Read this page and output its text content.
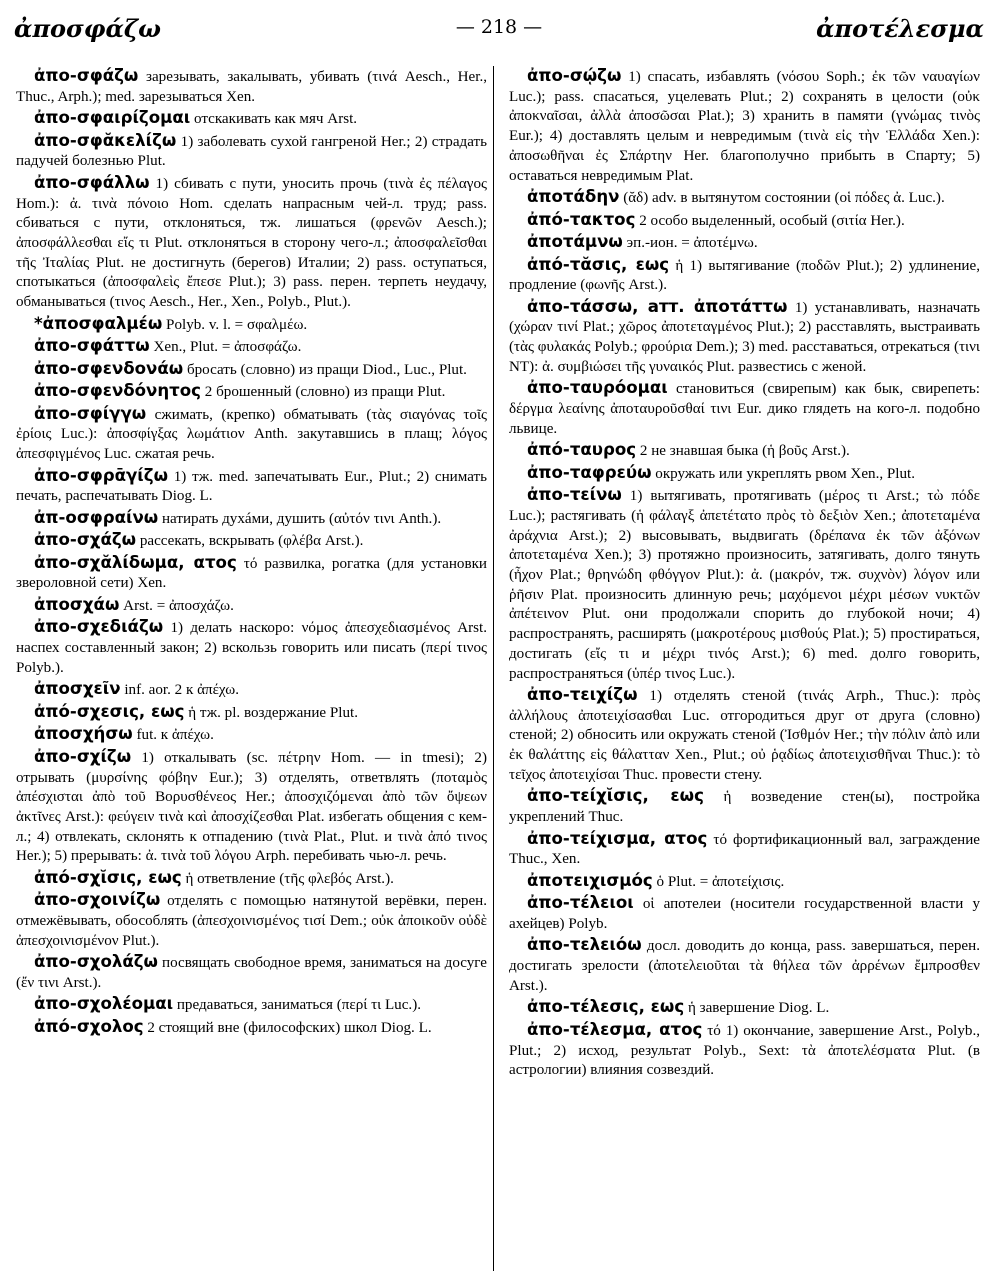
ἀποσφάζω	— 218 —	ἀποτέλεσμα

ἀπο-σφάζω зарезывать, закалывать, убивать (τινά Aesch., Her., Thuc., Arph.); med. зарезываться Xen.

ἀπο-σφαιρίζομαι отскакивать как мяч Arst.

ἀπο-σφᾰκελίζω 1) заболевать сухой гангреной Her.; 2) страдать падучей болезнью Plut.

ἀπο-σφάλλω 1) сбивать с пути, уносить прочь (τινὰ ἐς πέλαγος Hom.): ἀ. τινὰ πόνοιο Hom. сделать напрасным чей-л. труд; pass. сбиваться с пути, отклоняться, тж. лишаться (φρενῶν Aesch.); ἀποσφάλλεσθαι εἴς τι Plut. отклоняться в сторону чего-л.; ἀποσφαλεῖσθαι τῆς Ἰταλίας Plut. не достигнуть (берегов) Италии; 2) pass. оступаться, спотыкаться (ἀποσφαλεὶς ἔπεσε Plut.); 3) pass. перен. терпеть неудачу, обманываться (τινος Aesch., Her., Xen., Polyb., Plut.).

*ἀποσφαλμέω Polyb. v. l. = σφαλμέω.

ἀπο-σφάττω Xen., Plut. = ἀποσφάζω.

ἀπο-σφενδονάω бросать (словно) из пращи Diod., Luc., Plut.

ἀπο-σφενδόνητος 2 брошенный (словно) из пращи Plut.

ἀπο-σφίγγω сжимать, (крепко) обматывать (τὰς σιαγόνας τοῖς ἐρίοις Luc.): ἀποσφίγξας λωμάτιον Anth. закутавшись в плащ; λόγος ἀπεσφιγμένος Luc. сжатая речь.

ἀπο-σφρᾱγίζω 1) тж. med. запечатывать Eur., Plut.; 2) снимать печать, распечатывать Diog. L.

ἀπ-οσφραίνω натирать духáми, душить (αὐτόν τινι Anth.).

ἀπο-σχάζω рассекать, вскрывать (φλέβα Arst.).

ἀπο-σχᾰλίδωμα, ατος τό развилка, рогатка (для установки звероловной сети) Xen.

ἀποσχάω Arst. = ἀποσχάζω.

ἀπο-σχεδιάζω 1) делать наскоро: νόμος ἀπεσχεδιασμένος Arst. наспех составленный закон; 2) вскользь говорить или писать (περί τινος Polyb.).

ἀποσχεῖν inf. aor. 2 к ἀπέχω.

ἀπό-σχεσις, εως ἡ тж. pl. воздержание Plut.

ἀποσχήσω fut. к ἀπέχω.

ἀπο-σχίζω 1) откалывать (sc. πέτρην Hom. — in tmesi); 2) отрывать (μυρσίνης φόβην Eur.); 3) отделять, ответвлять (ποταμὸς ἀπέσχισται ἀπὸ τοῦ Βορυσθένεος Her.; ἀποσχιζόμεναι ἀπὸ τῶν ὄψεων ἀκτῖνες Arst.): φεύγειν τινὰ καὶ ἀποσχίζεσθαι Plat. избегать общения с кем-л.; 4) отвлекать, склонять к отпадению (τινὰ Plat., Plut. и τινὰ ἀπό τινος Her.); 5) прерывать: ἀ. τινὰ τοῦ λόγου Arph. перебивать чью-л. речь.

ἀπό-σχῐσις, εως ἡ ответвление (τῆς φλεβός Arst.).

ἀπο-σχοινίζω отделять с помощью натянутой верёвки, перен. отмежёвывать, обособлять (ἀπεσχοινισμένος τισί Dem.; οὐκ ἀποικοῦν οὐδὲ ἀπεσχοινισμένον Plut.).

ἀπο-σχολάζω посвящать свободное время, заниматься на досуге (ἔν τινι Arst.).

ἀπο-σχολέομαι предаваться, заниматься (περί τι Luc.).

ἀπό-σχολος 2 стоящий вне (философских) школ Diog. L.

ἀπο-σῴζω 1) спасать, избавлять (νόσου Soph.; ἐκ τῶν ναυαγίων Luc.); pass. спасаться, уцелевать Plut.; 2) сохранять в целости (οὐκ ἀποκναῖσαι, ἀλλὰ ἀποσῶσαι Plat.); 3) хранить в памяти (γνώμας τινὸς Eur.); 4) доставлять целым и невредимым (τινὰ εἰς τὴν Ἑλλάδα Xen.): ἀποσωθῆναι ἐς Σπάρτην Her. благополучно прибыть в Спарту; 5) оставаться невредимым Plat.

ἀποτάδην (ᾰδ) adv. в вытянутом состоянии (οἱ πόδες ἀ. Luc.).

ἀπό-τακτος 2 особо выделенный, особый (σιτία Her.).

ἀποτάμνω эп.-ион. = ἀποτέμνω.

ἀπό-τᾰσις, εως ἡ 1) вытягивание (ποδῶν Plut.); 2) удлинение, продление (φωνῆς Arst.).

ἀπο-τάσσω, атт. ἀποτάττω 1) устанавливать, назначать (χώραν τινί Plat.; χῶρος ἀποτεταγμένος Plut.); 2) расставлять, выстраивать (τὰς φυλακάς Polyb.; φρούρια Dem.); 3) med. расставаться, отрекаться (τινι NT): ἀ. συμβιώσει τῆς γυναικός Plut. развестись с женой.

ἀπο-ταυρόομαι становиться (свирепым) как бык, свирепеть: δέργμα λεαίνης ἀποταυροῦσθαί τινι Eur. дико глядеть на кого-л. подобно львице.

ἀπό-ταυρος 2 не знавшая быка (ἡ βοῦς Arst.).

ἀπο-ταφρεύω окружать или укреплять рвом Xen., Plut.

ἀπο-τείνω 1) вытягивать, протягивать (μέρος τι Arst.; τὼ πόδε Luc.); растягивать (ἡ φάλαγξ ἀπετέτατο πρὸς τὸ δεξιὸν Xen.; ἀποτεταμένα ἀράχνια Arst.); 2) высовывать, выдвигать (δρέπανα ἐκ τῶν ἀξόνων ἀποτεταμένα Xen.); 3) протяжно произносить, затягивать, долго тянуть (ἦχον Plat.; θρηνώδη φθόγγον Plut.): ἀ. (μακρόν, тж. συχνὸν) λόγον или ῥῆσιν Plat. произносить длинную речь; μαχόμενοι μέχρι μέσων νυκτῶν ἀπέτεινον Plut. они продолжали спорить до глубокой ночи; 4) распространять, расширять (μακροτέρους μισθούς Plat.); 5) простираться, достигать (εἴς τι и μέχρι τινός Arst.); 6) med. долго говорить, распространяться (ὑπέρ τινος Luc.).

ἀπο-τειχίζω 1) отделять стеной (τινάς Arph., Thuc.): πρὸς ἀλλήλους ἀποτειχίσασθαι Luc. отгородиться друг от друга (словно) стеной; 2) обносить или окружать стеной (Ἰσθμόν Her.; τὴν πόλιν ἀπὸ или ἐκ θαλάττης εἰς θάλατταν Xen., Plut.; οὐ ῥᾳδίως ἀποτειχισθῆναι Thuc.): τὸ τεῖχος ἀποτειχίσαι Thuc. провести стену.

ἀπο-τείχῐσις, εως ἡ возведение стен(ы), постройка укреплений Thuc.

ἀπο-τείχισμα, ατος τό фортификационный вал, заграждение Thuc., Xen.

ἀποτειχισμός ὁ Plut. = ἀποτείχισις.

ἀπο-τέλειοι οἱ апотелеи (носители государственной власти у ахейцев) Polyb.

ἀπο-τελειόω досл. доводить до конца, pass. завершаться, перен. достигать зрелости (ἀποτελειοῦται τὰ θήλεα τῶν ἀρρένων ἔμπροσθεν Arst.).

ἀπο-τέλεσις, εως ἡ завершение Diog. L.

ἀπο-τέλεσμα, ατος τό 1) окончание, завершение Arst., Polyb., Plut.; 2) исход, результат Polyb., Sext: τὰ ἀποτελέσματα Plut. (в астрологии) влияния созвездий.
